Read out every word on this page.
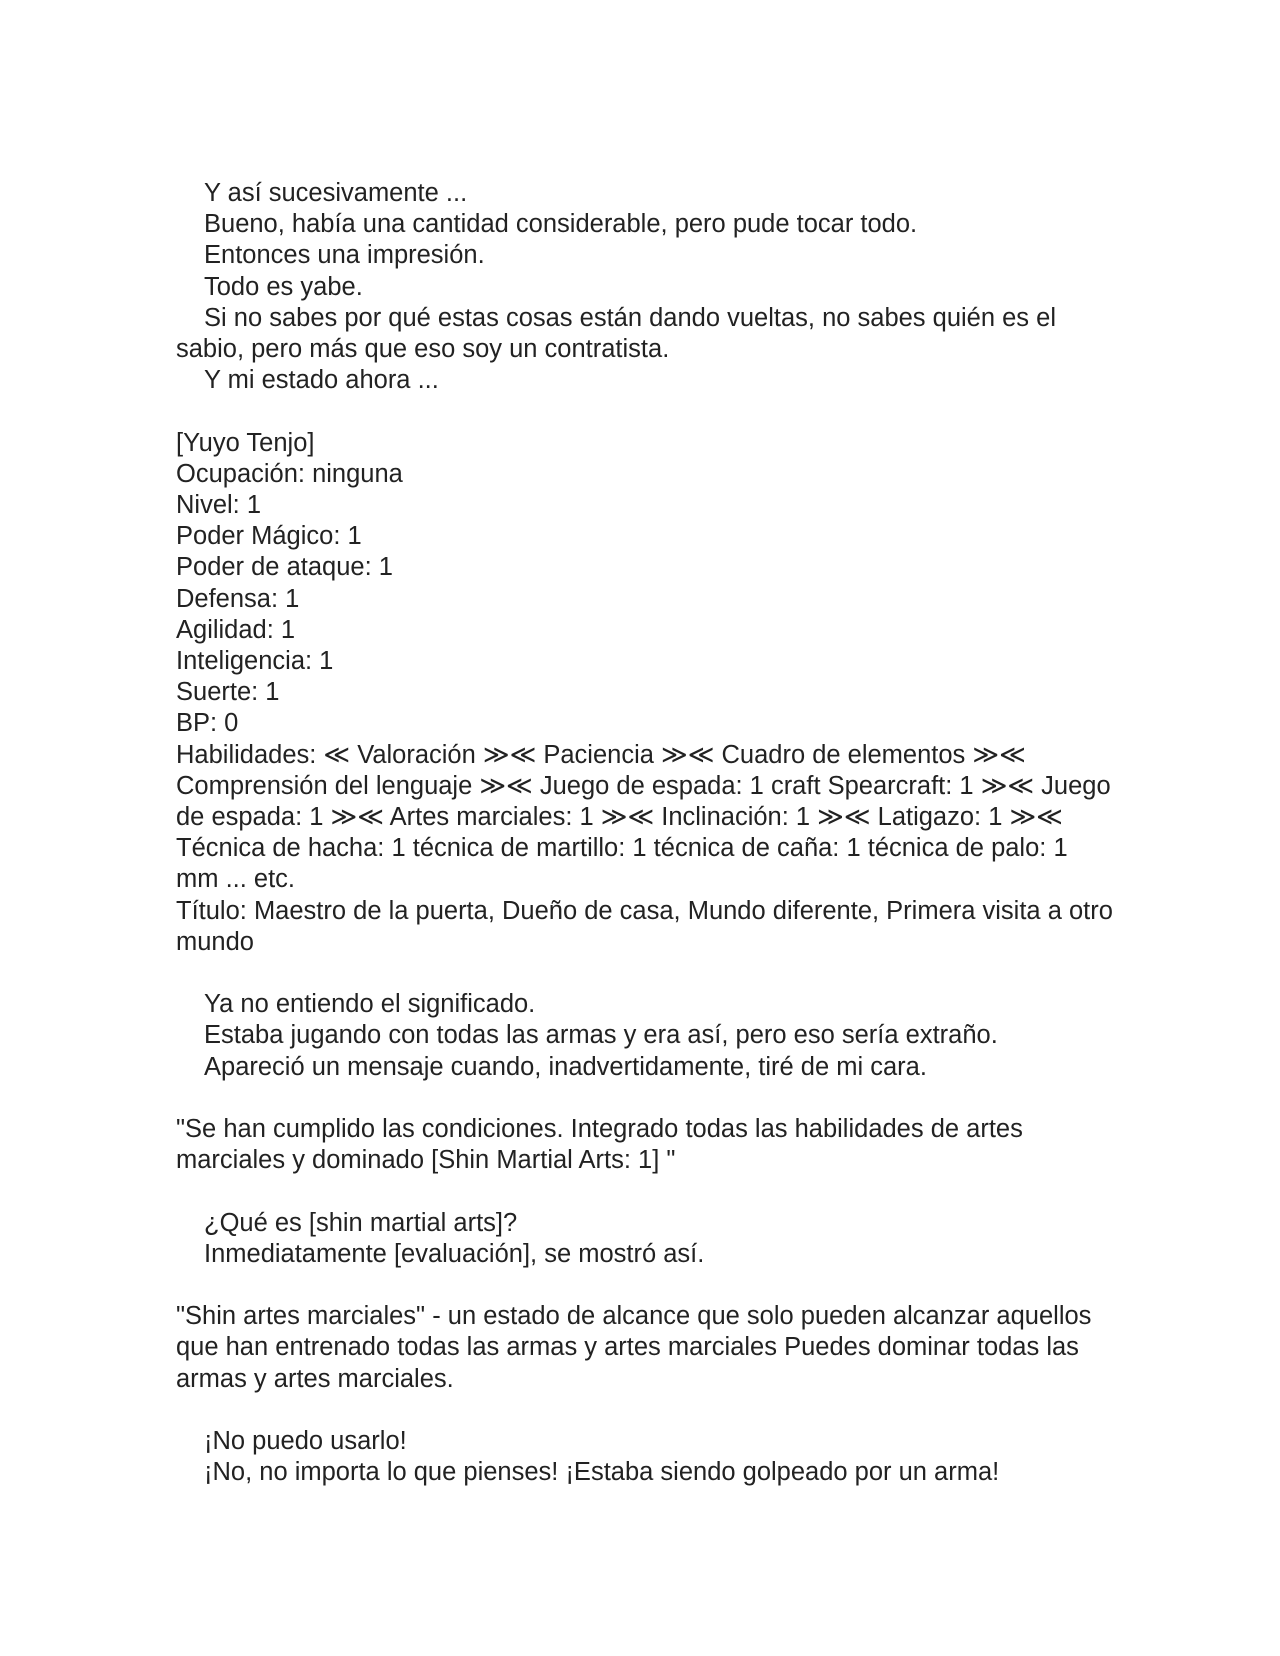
Y así sucesivamente ...

Bueno, había una cantidad considerable, pero pude tocar todo.

Entonces una impresión.

Todo es yabe.

Si no sabes por qué estas cosas están dando vueltas, no sabes quién es el sabio, pero más que eso soy un contratista.

Y mi estado ahora ...

[Yuyo Tenjo]

Ocupación: ninguna

Nivel: 1

Poder Mágico: 1

Poder de ataque: 1

Defensa: 1

Agilidad: 1

Inteligencia: 1

Suerte: 1

BP: 0

Habilidades: ≪ Valoración ≫≪ Paciencia ≫≪ Cuadro de elementos ≫≪ Comprensión del lenguaje ≫≪ Juego de espada: 1 craft Spearcraft: 1 ≫≪ Juego de espada: 1 ≫≪ Artes marciales: 1 ≫≪ Inclinación: 1 ≫≪ Latigazo: 1 ≫≪ Técnica de hacha: 1 técnica de martillo: 1 técnica de caña: 1 técnica de palo: 1 mm ... etc.

Título: Maestro de la puerta, Dueño de casa, Mundo diferente, Primera visita a otro mundo

Ya no entiendo el significado.

Estaba jugando con todas las armas y era así, pero eso sería extraño.

Apareció un mensaje cuando, inadvertidamente, tiré de mi cara.

"Se han cumplido las condiciones. Integrado todas las habilidades de artes marciales y dominado [Shin Martial Arts: 1] "

¿Qué es [shin martial arts]?

Inmediatamente [evaluación], se mostró así.

"Shin artes marciales" - un estado de alcance que solo pueden alcanzar aquellos que han entrenado todas las armas y artes marciales Puedes dominar todas las armas y artes marciales.

¡No puedo usarlo!

¡No, no importa lo que pienses! ¡Estaba siendo golpeado por un arma!
